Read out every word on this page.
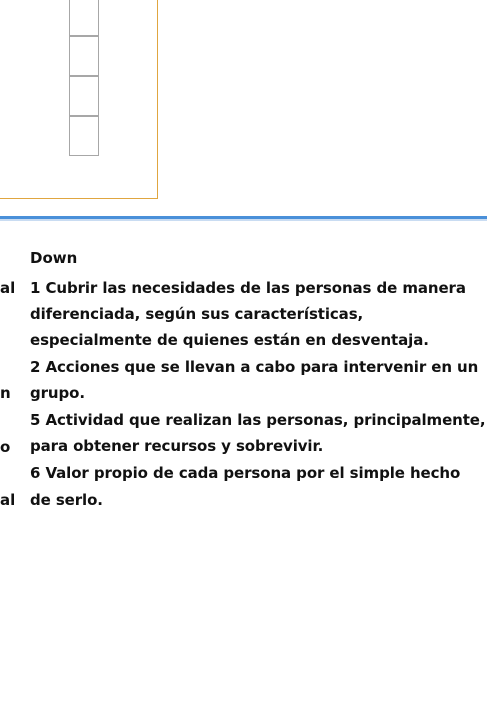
al
n
o
al
Down
1 Cubrir las necesidades de las personas de manera
diferenciada, según sus características,
especialmente de quienes están en desventaja.
2 Acciones que se llevan a cabo para intervenir en un
grupo.
5 Actividad que realizan las personas, principalmente,
para obtener recursos y sobrevivir.
6 Valor propio de cada persona por el simple hecho
de serlo.
